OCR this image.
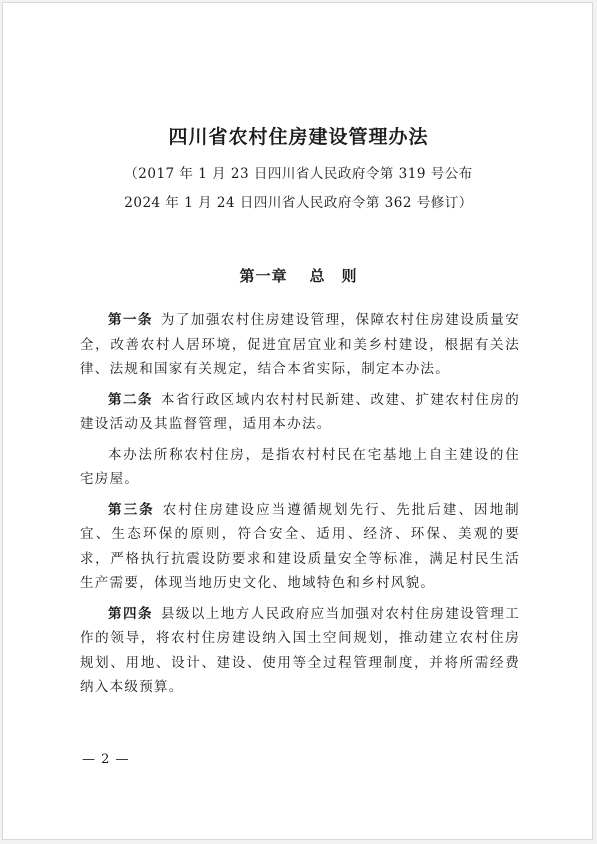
四川省农村住房建设管理办法
（2017 年 1 月 23 日四川省人民政府令第 319 号公布
2024 年 1 月 24 日四川省人民政府令第 362 号修订）
第一章 总　则

第一条 为了加强农村住房建设管理，保障农村住房建设质量安全，改善农村人居环境，促进宜居宜业和美乡村建设，根据有关法律、法规和国家有关规定，结合本省实际，制定本办法。

第二条 本省行政区域内农村村民新建、改建、扩建农村住房的建设活动及其监督管理，适用本办法。

本办法所称农村住房，是指农村村民在宅基地上自主建设的住宅房屋。

第三条 农村住房建设应当遵循规划先行、先批后建、因地制宜、生态环保的原则，符合安全、适用、经济、环保、美观的要求，严格执行抗震设防要求和建设质量安全等标准，满足村民生活生产需要，体现当地历史文化、地域特色和乡村风貌。

第四条 县级以上地方人民政府应当加强对农村住房建设管理工作的领导，将农村住房建设纳入国土空间规划，推动建立农村住房规划、用地、设计、建设、使用等全过程管理制度，并将所需经费纳入本级预算。

— 2 —
